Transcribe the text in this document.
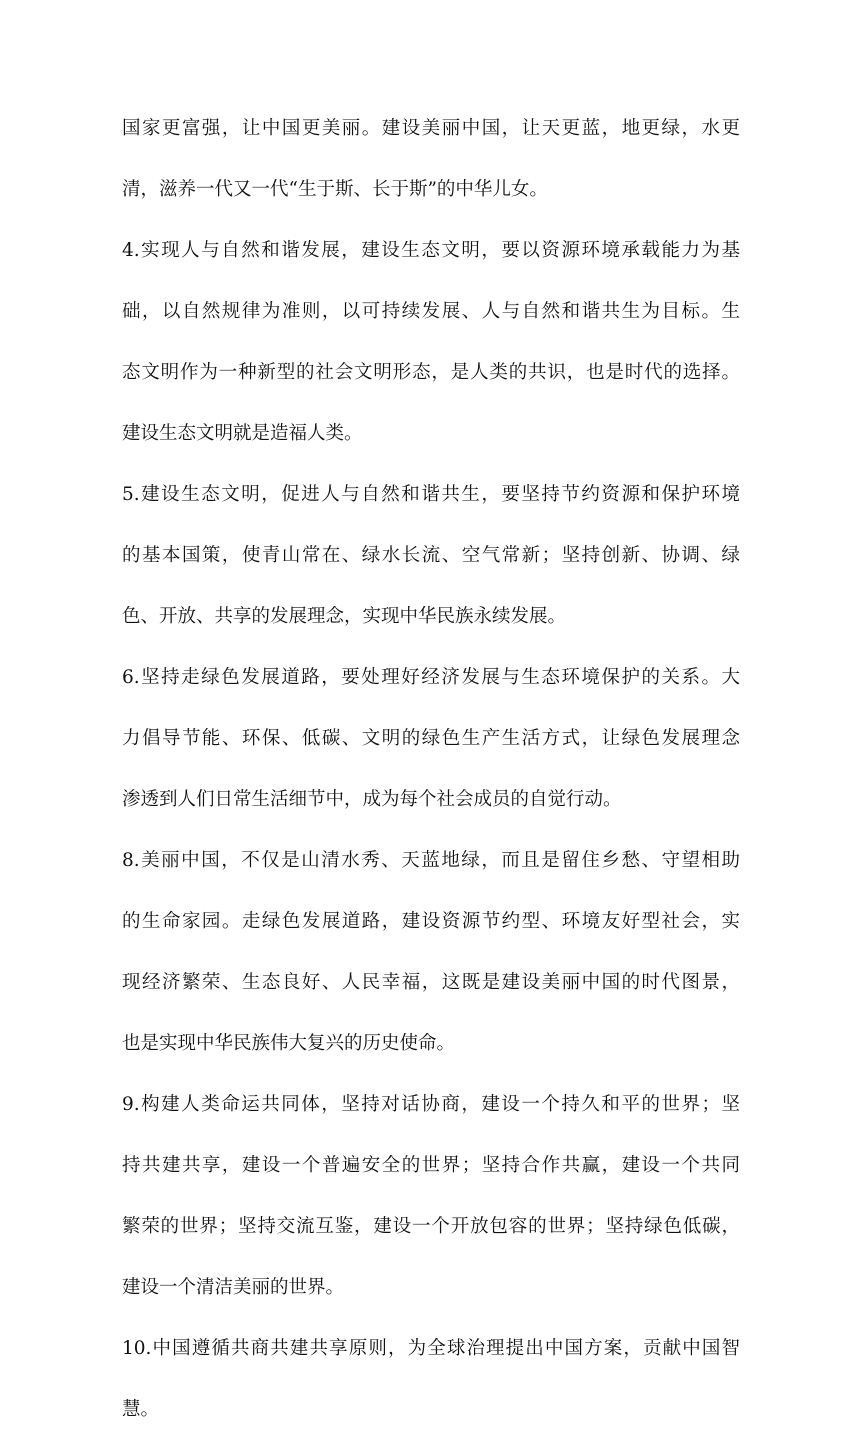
国家更富强，让中国更美丽。建设美丽中国，让天更蓝，地更绿，水更
清，滋养一代又一代“生于斯、长于斯”的中华儿女。
4.实现人与自然和谐发展，建设生态文明，要以资源环境承载能力为基
础，以自然规律为准则，以可持续发展、人与自然和谐共生为目标。生
态文明作为一种新型的社会文明形态，是人类的共识，也是时代的选择。
建设生态文明就是造福人类。
5.建设生态文明，促进人与自然和谐共生，要坚持节约资源和保护环境
的基本国策，使青山常在、绿水长流、空气常新；坚持创新、协调、绿
色、开放、共享的发展理念，实现中华民族永续发展。
6.坚持走绿色发展道路，要处理好经济发展与生态环境保护的关系。大
力倡导节能、环保、低碳、文明的绿色生产生活方式，让绿色发展理念
渗透到人们日常生活细节中，成为每个社会成员的自觉行动。
8.美丽中国，不仅是山清水秀、天蓝地绿，而且是留住乡愁、守望相助
的生命家园。走绿色发展道路，建设资源节约型、环境友好型社会，实
现经济繁荣、生态良好、人民幸福，这既是建设美丽中国的时代图景，
也是实现中华民族伟大复兴的历史使命。
9.构建人类命运共同体，坚持对话协商，建设一个持久和平的世界；坚
持共建共享，建设一个普遍安全的世界；坚持合作共赢，建设一个共同
繁荣的世界；坚持交流互鉴，建设一个开放包容的世界；坚持绿色低碳，
建设一个清洁美丽的世界。
10.中国遵循共商共建共享原则，为全球治理提出中国方案，贡献中国智
慧。
